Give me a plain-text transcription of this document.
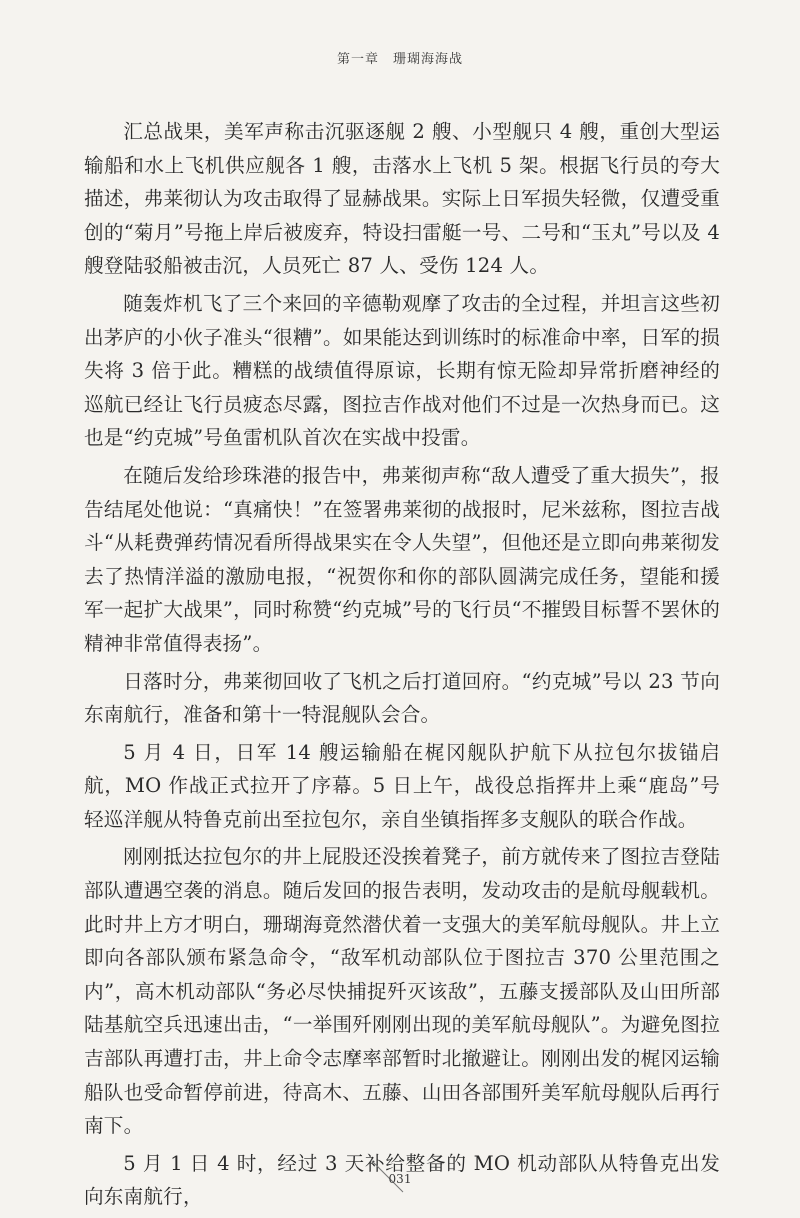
第一章　珊瑚海海战

汇总战果，美军声称击沉驱逐舰 2 艘、小型舰只 4 艘，重创大型运输船和水上飞机供应舰各 1 艘，击落水上飞机 5 架。根据飞行员的夸大描述，弗莱彻认为攻击取得了显赫战果。实际上日军损失轻微，仅遭受重创的“菊月”号拖上岸后被废弃，特设扫雷艇一号、二号和“玉丸”号以及 4 艘登陆驳船被击沉，人员死亡 87 人、受伤 124 人。

随轰炸机飞了三个来回的辛德勒观摩了攻击的全过程，并坦言这些初出茅庐的小伙子准头“很糟”。如果能达到训练时的标准命中率，日军的损失将 3 倍于此。糟糕的战绩值得原谅，长期有惊无险却异常折磨神经的巡航已经让飞行员疲态尽露，图拉吉作战对他们不过是一次热身而已。这也是“约克城”号鱼雷机队首次在实战中投雷。

在随后发给珍珠港的报告中，弗莱彻声称“敌人遭受了重大损失”，报告结尾处他说：“真痛快！”在签署弗莱彻的战报时，尼米兹称，图拉吉战斗“从耗费弹药情况看所得战果实在令人失望”，但他还是立即向弗莱彻发去了热情洋溢的激励电报，“祝贺你和你的部队圆满完成任务，望能和援军一起扩大战果”，同时称赞“约克城”号的飞行员“不摧毁目标誓不罢休的精神非常值得表扬”。

日落时分，弗莱彻回收了飞机之后打道回府。“约克城”号以 23 节向东南航行，准备和第十一特混舰队会合。

5 月 4 日，日军 14 艘运输船在梶冈舰队护航下从拉包尔拔锚启航，MO 作战正式拉开了序幕。5 日上午，战役总指挥井上乘“鹿岛”号轻巡洋舰从特鲁克前出至拉包尔，亲自坐镇指挥多支舰队的联合作战。

刚刚抵达拉包尔的井上屁股还没挨着凳子，前方就传来了图拉吉登陆部队遭遇空袭的消息。随后发回的报告表明，发动攻击的是航母舰载机。此时井上方才明白，珊瑚海竟然潜伏着一支强大的美军航母舰队。井上立即向各部队颁布紧急命令，“敌军机动部队位于图拉吉 370 公里范围之内”，高木机动部队“务必尽快捕捉歼灭该敌”，五藤支援部队及山田所部陆基航空兵迅速出击，“一举围歼刚刚出现的美军航母舰队”。为避免图拉吉部队再遭打击，井上命令志摩率部暂时北撤避让。刚刚出发的梶冈运输船队也受命暂停前进，待高木、五藤、山田各部围歼美军航母舰队后再行南下。

5 月 1 日 4 时，经过 3 天补给整备的 MO 机动部队从特鲁克出发向东南航行，

031
